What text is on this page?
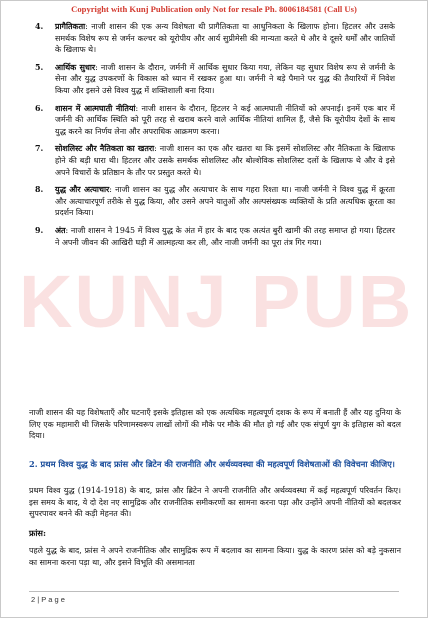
Copyright with Kunj Publication only Not for resale Ph. 8006184581 (Call Us)
KUNJ PUB
4.	प्रागैतिकता: नाजी शासन की एक अन्य विशेषता थी प्रागैतिकता या आधुनिकता के खिलाफ होना। हिटलर और उसके समर्थक विशेष रूप से जर्मन कल्चर को यूरोपीय और आर्य सुप्रीमेसी की मान्यता करते थे और वे दूसरे धर्मों और जातियों के खिलाफ थे।
5.	आर्थिक सुधार: नाजी शासन के दौरान, जर्मनी में आर्थिक सुधार किया गया, लेकिन यह सुधार विशेष रूप से जर्मनी के सेना और युद्ध उपकरणों के विकास को ध्यान में रखकर हुआ था। जर्मनी ने बड़े पैमाने पर युद्ध की तैयारियों में निवेश किया और इसने उसे विश्व युद्ध में शक्तिशाली बना दिया।
6.	शासन में आत्मघाती नीतियां: नाजी शासन के दौरान, हिटलर ने कई आत्मघाती नीतियों को अपनाई। इनमें एक बार में जर्मनी की आर्थिक स्थिति को पूरी तरह से खराब करने वाले आर्थिक नीतियां शामिल हैं, जैसे कि यूरोपीय देशों के साथ युद्ध करने का निर्णय लेना और अपराधिक आक्रमण करना।
7.	सोशलिस्ट और नैतिकता का खतरा: नाजी शासन का एक और खतरा था कि इसमें सोशलिस्ट और नैतिकता के खिलाफ होने की बड़ी धारा थी। हिटलर और उसके समर्थक सोशलिस्ट और बोल्शेविक सोशलिस्ट दलों के खिलाफ थे और वे इसे अपने विचारों के प्रतिष्ठान के तौर पर प्रस्तुत करते थे।
8.	युद्ध और अत्याचार: नाजी शासन का युद्ध और अत्याचार के साथ गहरा रिश्ता था। नाजी जर्मनी ने विश्व युद्ध में क्रूरता और अत्याचारपूर्ण तरीके से युद्ध किया, और उसने अपने यातुओं और अल्पसंख्यक व्यक्तियों के प्रति अत्यधिक क्रूरता का प्रदर्शन किया।
9.	अंत: नाजी शासन ने 1945 में विश्व युद्ध के अंत में हार के बाद एक अत्यंत बुरी खामी की तरह समाप्त हो गया। हिटलर ने अपनी जीवन की आखिरी घड़ी में आत्महत्या कर ली, और नाजी जर्मनी का पूरा तंत्र गिर गया।
नाजी शासन की यह विशेषताएँ और घटनाएँ इसके इतिहास को एक अत्यधिक महत्वपूर्ण दशक के रूप में बनाती हैं और यह दुनिया के लिए एक महामारी थी जिसके परिणामस्वरूप लाखों लोगों की मौके पर मौके की मौत हो गई और एक संपूर्ण युग के इतिहास को बदल दिया।
2. प्रथम विश्व युद्ध के बाद फ्रांस और ब्रिटेन की राजनीति और अर्थव्यवस्था की महत्वपूर्ण विशेषताओं की विवेचना कीजिए।
प्रथम विश्व युद्ध (1914-1918) के बाद, फ्रांस और ब्रिटेन ने अपनी राजनीति और अर्थव्यवस्था में कई महत्वपूर्ण परिवर्तन किए। इस समय के बाद, ये दो देश नए सामुद्रिक और राजनीतिक समीकरणों का सामना करना पड़ा और उन्होंने अपनी नीतियों को बदलकर सुपरपावर बनने की कड़ी मेहनत की।
फ्रांस:
पहले युद्ध के बाद, फ्रांस ने अपने राजनीतिक और सामुद्रिक रूप में बदलाव का सामना किया। युद्ध के कारण फ्रांस को बड़े नुकसान का सामना करना पड़ा था, और इसने विभूति की असमानता
2 | P a g e
